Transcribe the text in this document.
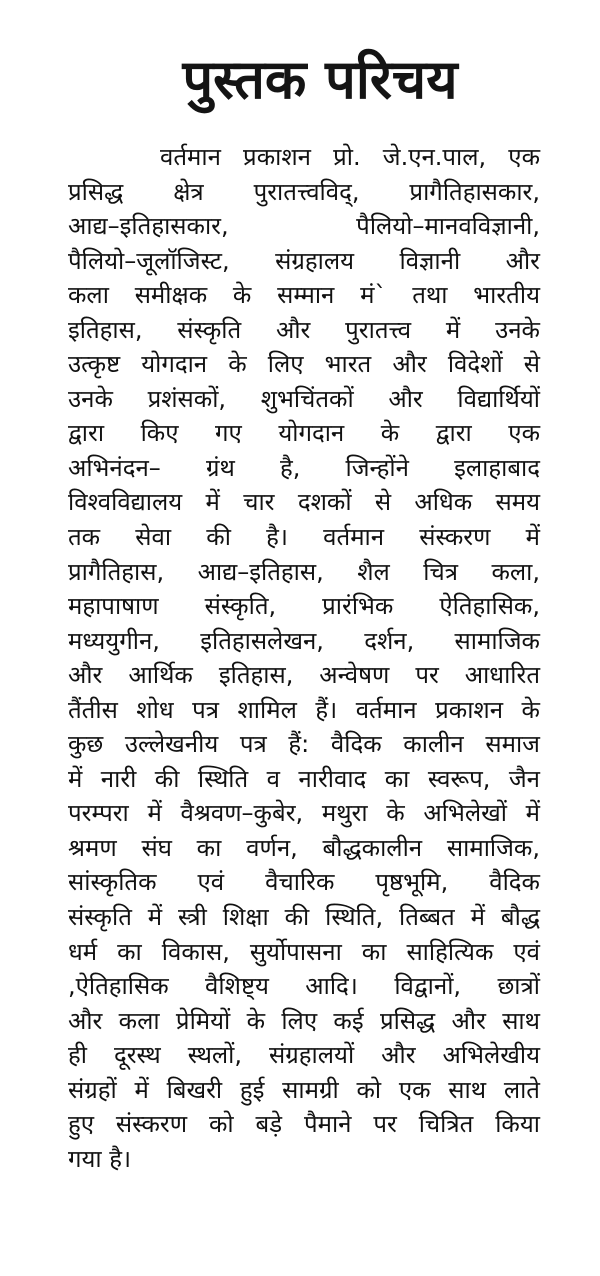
पुस्तक परिचय
वर्तमान प्रकाशन प्रो. जे.एन.पाल, एक
प्रसिद्ध क्षेत्र पुरातत्त्वविद्, प्रागैतिहासकार,
आद्य–इतिहासकार, पैलियो–मानवविज्ञानी,
पैलियो–जूलॉजिस्ट, संग्रहालय विज्ञानी और
कला समीक्षक के सम्मान मं` तथा भारतीय
इतिहास, संस्कृति और पुरातत्त्व में उनके
उत्कृष्ट योगदान के लिए भारत और विदेशों से
उनके प्रशंसकों, शुभचिंतकों और विद्यार्थियों
द्वारा किए गए योगदान के द्वारा एक
अभिनंदन– ग्रंथ है, जिन्होंने इलाहाबाद
विश्वविद्यालय में चार दशकों से अधिक समय
तक सेवा की है। वर्तमान संस्करण में
प्रागैतिहास, आद्य–इतिहास, शैल चित्र कला,
महापाषाण संस्कृति, प्रारंभिक ऐतिहासिक,
मध्ययुगीन, इतिहासलेखन, दर्शन, सामाजिक
और आर्थिक इतिहास, अन्वेषण पर आधारित
तैंतीस शोध पत्र शामिल हैं। वर्तमान प्रकाशन के
कुछ उल्लेखनीय पत्र हैं: वैदिक कालीन समाज
में नारी की स्थिति व नारीवाद का स्वरूप, जैन
परम्परा में वैश्रवण–कुबेर, मथुरा के अभिलेखों में
श्रमण संघ का वर्णन, बौद्धकालीन सामाजिक,
सांस्कृतिक एवं वैचारिक पृष्ठभूमि, वैदिक
संस्कृति में स्त्री शिक्षा की स्थिति, तिब्बत में बौद्ध
धर्म का विकास, सुर्योपासना का साहित्यिक एवं
,ऐतिहासिक वैशिष्ट्य आदि। विद्वानों, छात्रों
और कला प्रेमियों के लिए कई प्रसिद्ध और साथ
ही दूरस्थ स्थलों, संग्रहालयों और अभिलेखीय
संग्रहों में बिखरी हुई सामग्री को एक साथ लाते
हुए संस्करण को बड़े पैमाने पर चित्रित किया
गया है।
